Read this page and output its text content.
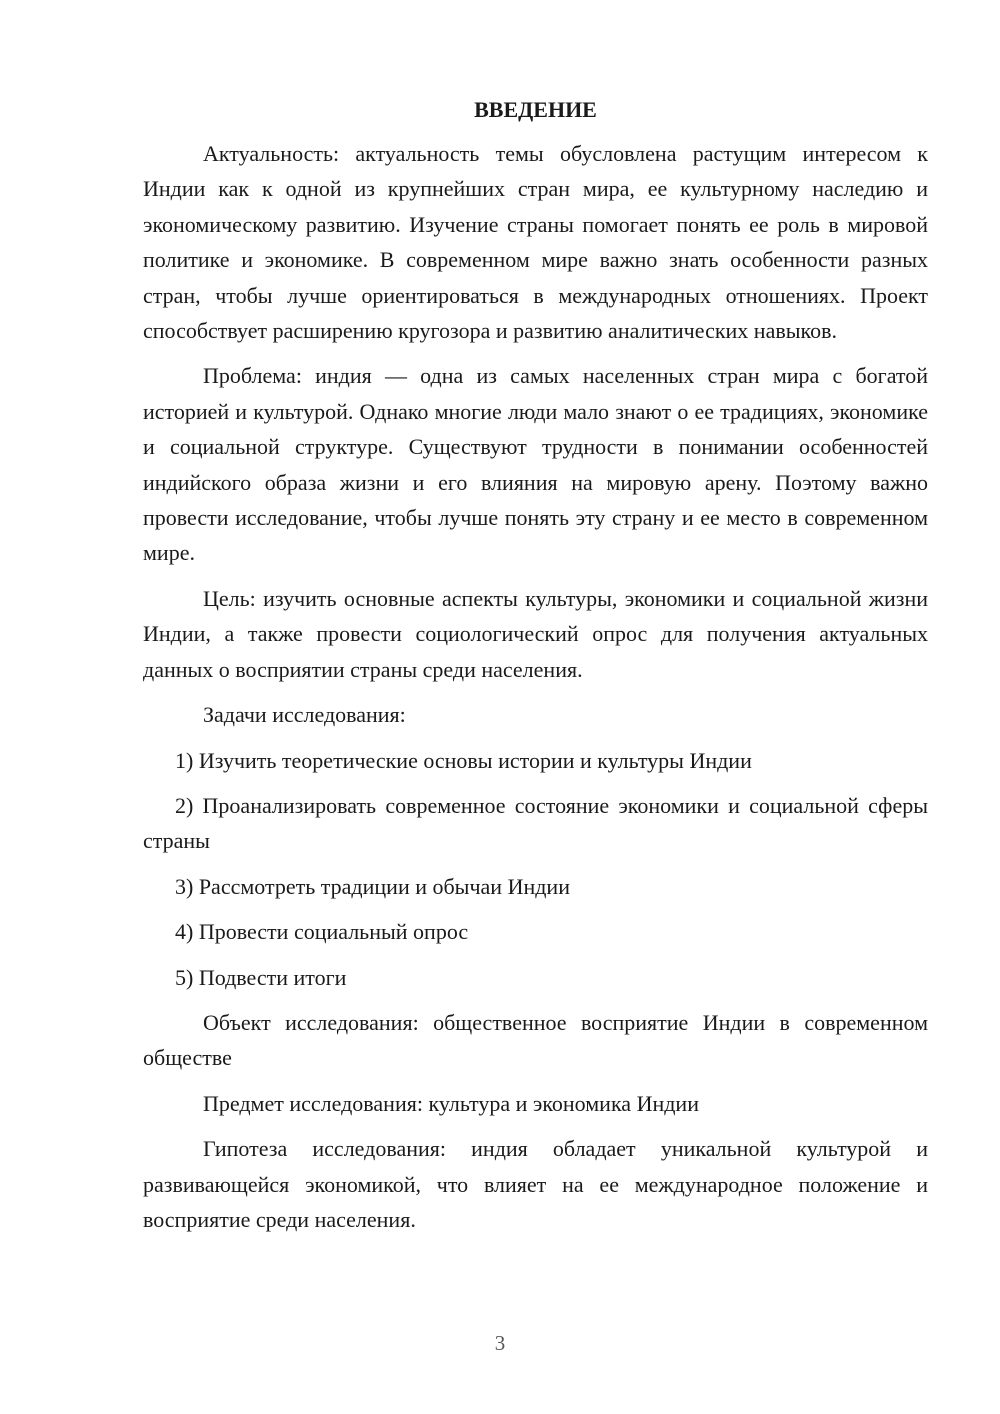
ВВЕДЕНИЕ

Актуальность: актуальность темы обусловлена растущим интересом к Индии как к одной из крупнейших стран мира, ее культурному наследию и экономическому развитию. Изучение страны помогает понять ее роль в мировой политике и экономике. В современном мире важно знать особенности разных стран, чтобы лучше ориентироваться в международных отношениях. Проект способствует расширению кругозора и развитию аналитических навыков.

Проблема: индия — одна из самых населенных стран мира с богатой историей и культурой. Однако многие люди мало знают о ее традициях, экономике и социальной структуре. Существуют трудности в понимании особенностей индийского образа жизни и его влияния на мировую арену. Поэтому важно провести исследование, чтобы лучше понять эту страну и ее место в современном мире.

Цель: изучить основные аспекты культуры, экономики и социальной жизни Индии, а также провести социологический опрос для получения актуальных данных о восприятии страны среди населения.

Задачи исследования:

1) Изучить теоретические основы истории и культуры Индии

2) Проанализировать современное состояние экономики и социальной сферы страны

3) Рассмотреть традиции и обычаи Индии

4) Провести социальный опрос

5) Подвести итоги

Объект исследования: общественное восприятие Индии в современном обществе

Предмет исследования: культура и экономика Индии

Гипотеза исследования: индия обладает уникальной культурой и развивающейся экономикой, что влияет на ее международное положение и восприятие среди населения.

3
